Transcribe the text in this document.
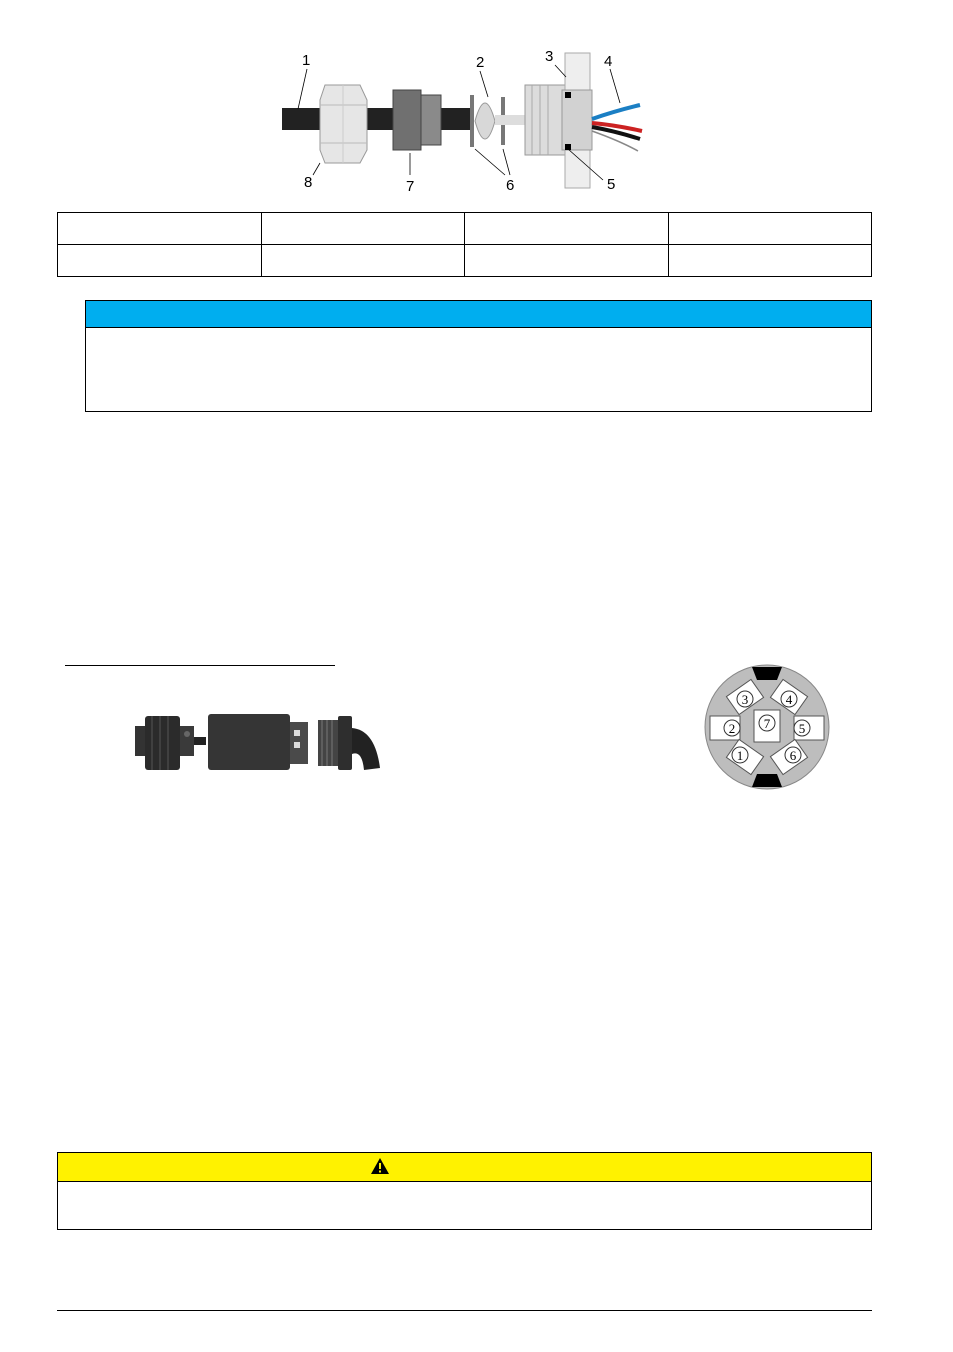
1	2	3	4
5
6
7
8

3	4
2	5
1	6
7
